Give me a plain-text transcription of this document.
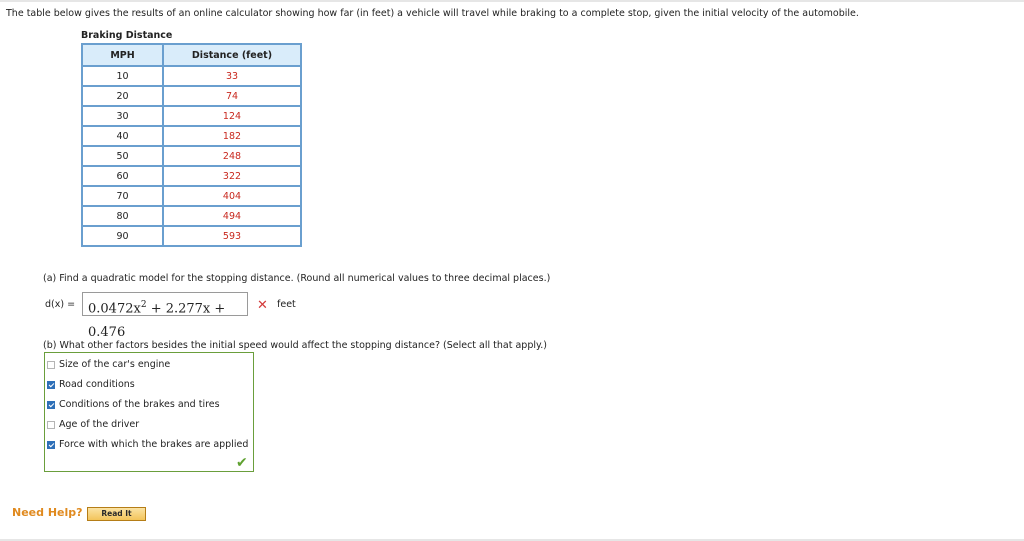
The table below gives the results of an online calculator showing how far (in feet) a vehicle will travel while braking to a complete stop, given the initial velocity of the automobile.
Braking Distance
MPH	Distance (feet)
10	33
20	74
30	124
40	182
50	248
60	322
70	404
80	494
90	593
(a) Find a quadratic model for the stopping distance. (Round all numerical values to three decimal places.)
$d(x) = 0.0472x^2 + 2.277x + 0.476$
✕ feet
(b) What other factors besides the initial speed would affect the stopping distance? (Select all that apply.)
Size of the car's engine
Road conditions
Conditions of the brakes and tires
Age of the driver
Force with which the brakes are applied
✔
Need Help?	Read It
